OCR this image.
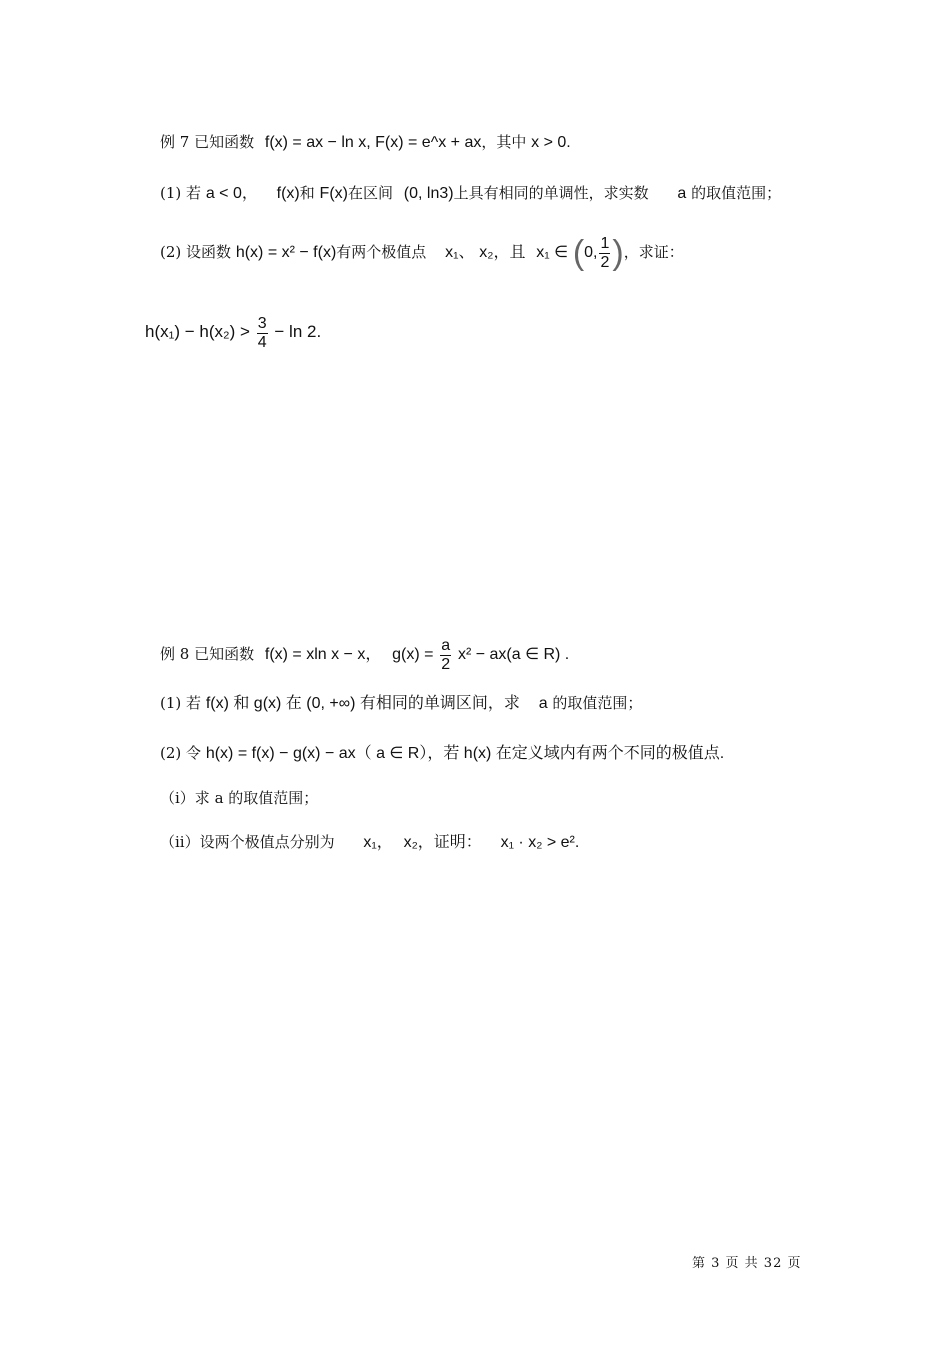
例 7 已知函数 f(x) = ax − ln x, F(x) = e^x + ax，其中 x > 0.
(1) 若 a < 0， f(x)和 F(x)在区间 (0, ln3)上具有相同的单调性，求实数 a 的取值范围；
(2) 设函数 h(x) = x² − f(x)有两个极值点 x₁、 x₂，且 x₁ ∈ (0, $\frac{1}{2}$ )，求证：
$h(x_1) - h(x_2) > \frac{3}{4} - \ln 2$.
例 8 已知函数 f(x) = xln x − x， $g(x) = \frac{a}{2} x^2 - ax(a$ ∈ R) .
(1) 若 f(x) 和 g(x) 在 (0, +∞) 有相同的单调区间，求 a 的取值范围；
(2) 令 h(x) = f(x) − g(x) − ax（ a ∈ R），若 h(x) 在定义域内有两个不同的极值点.
（i）求 a 的取值范围；
（ii）设两个极值点分别为 x₁， x₂，证明： x₁ · x₂ > e².
第 3 页 共 32 页
